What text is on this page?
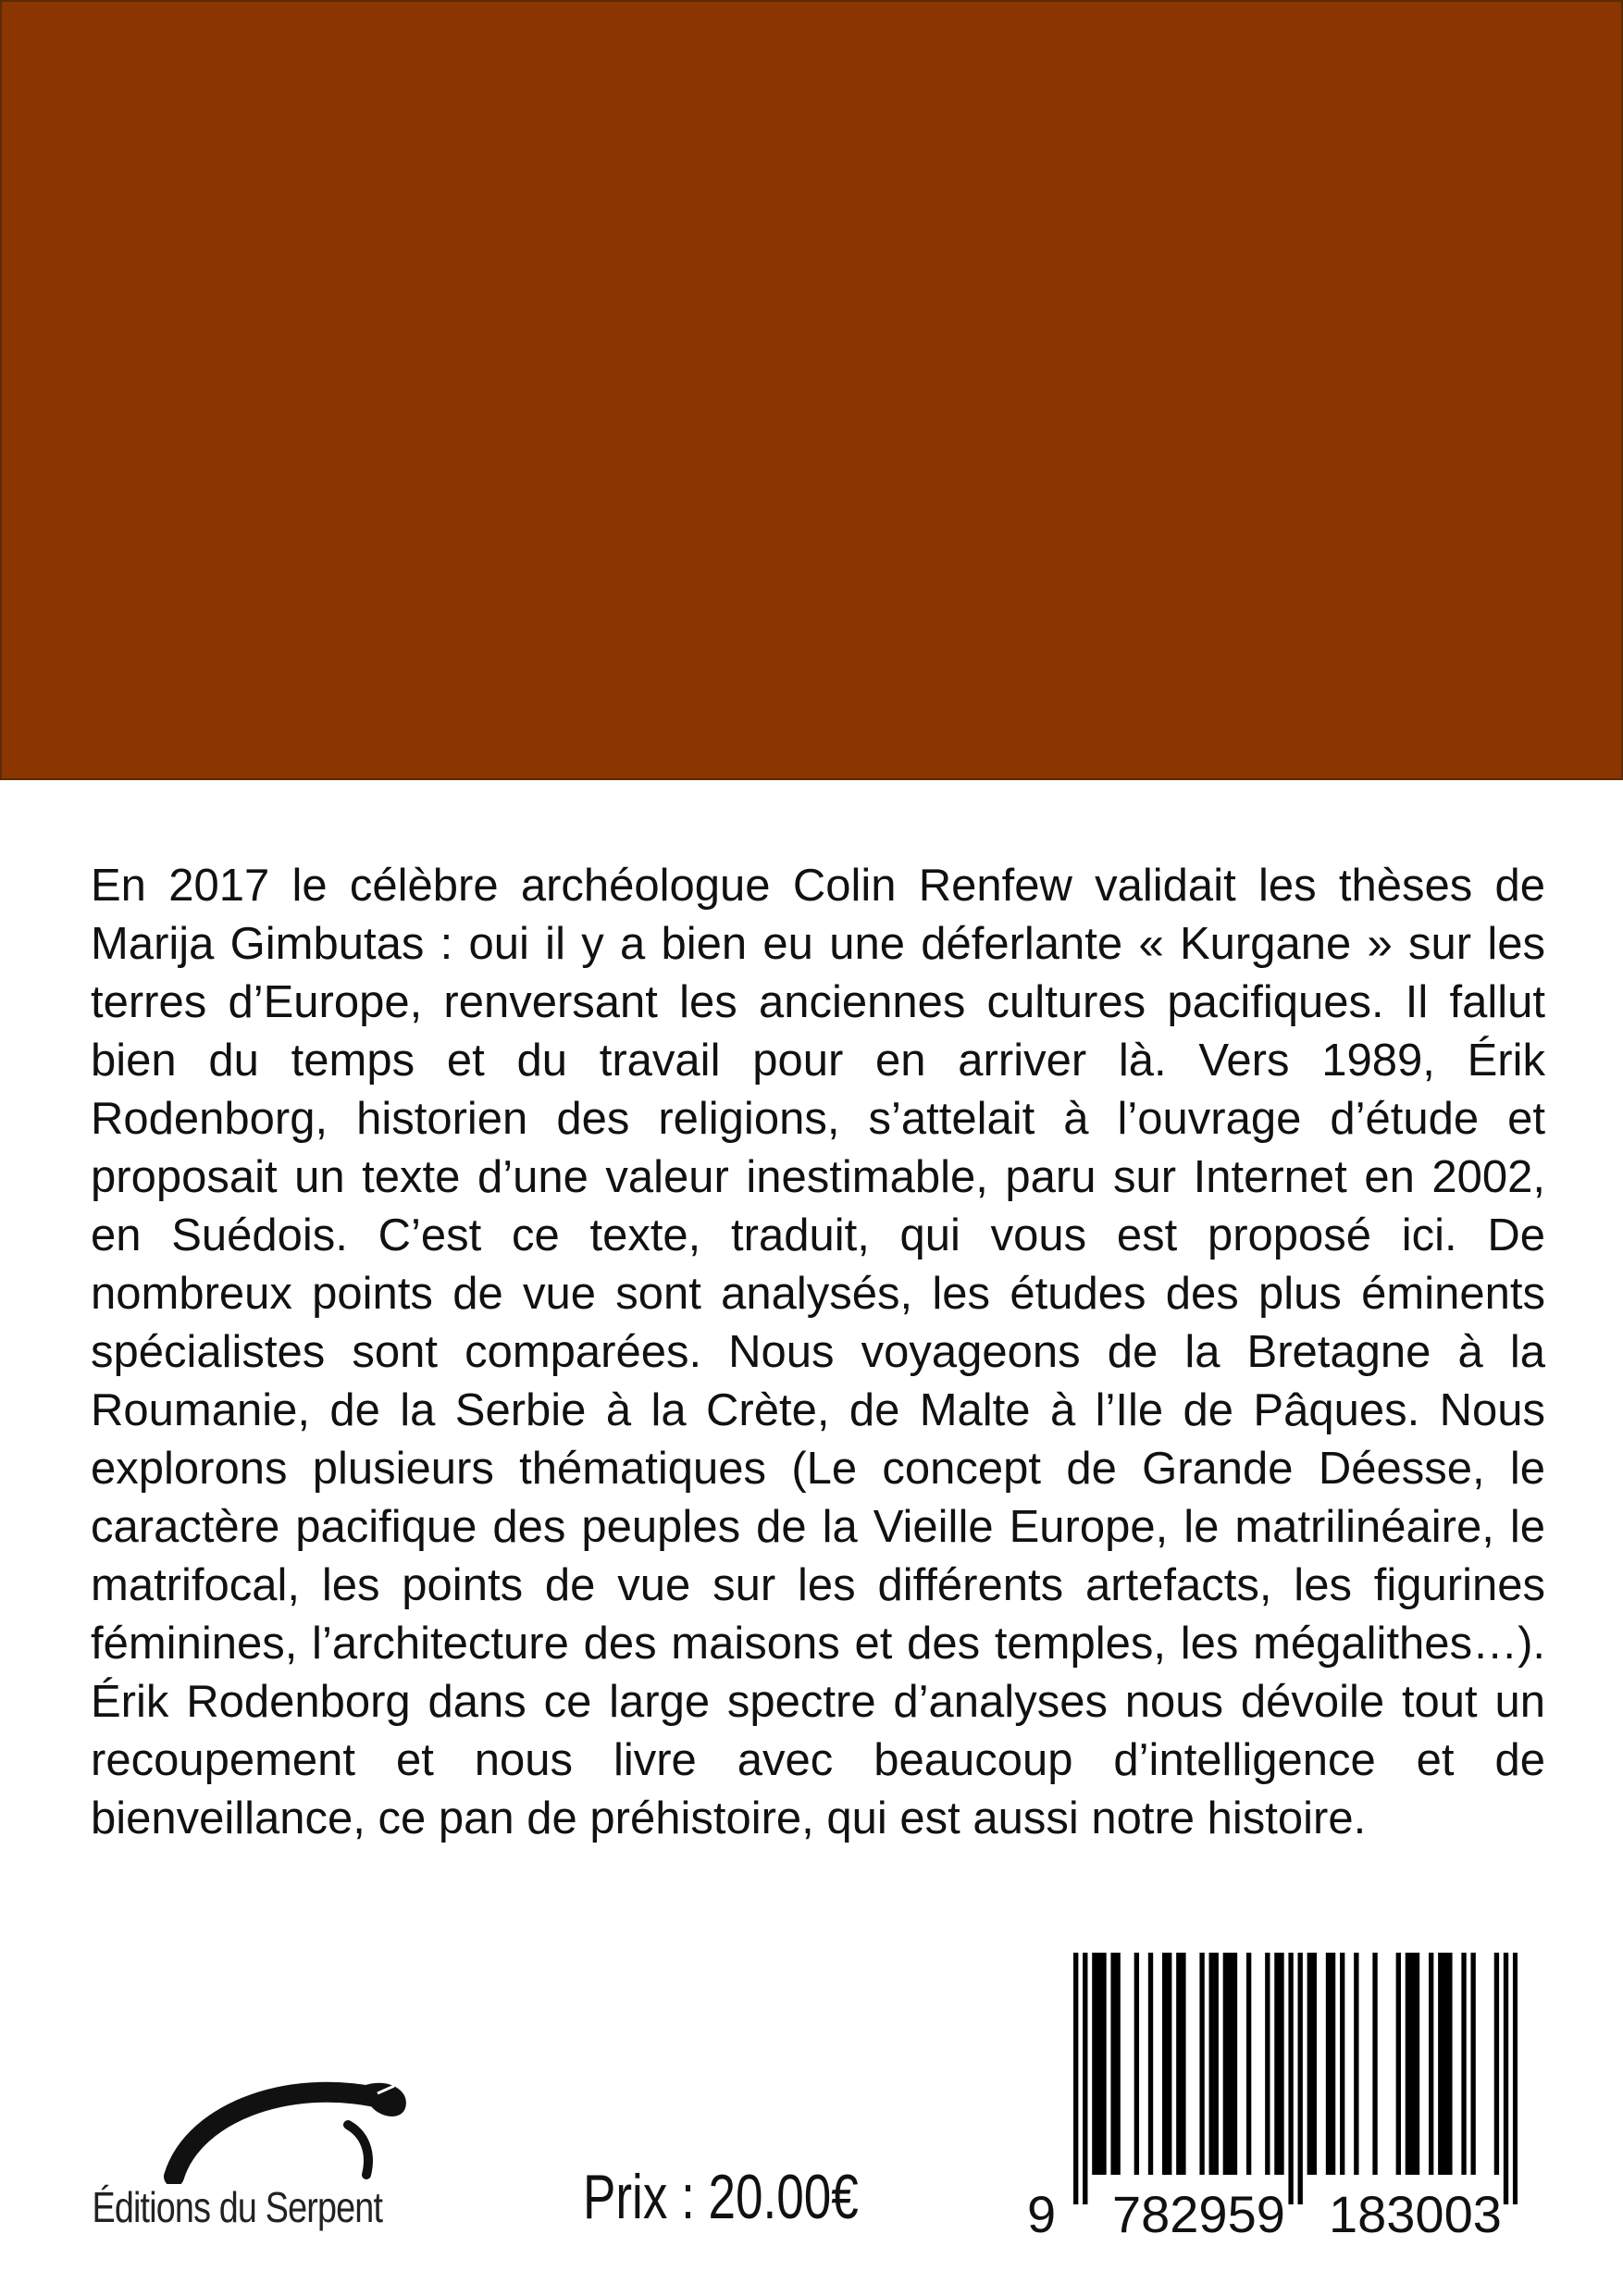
En 2017 le célèbre archéologue Colin Renfew validait les thèses de Marija Gimbutas : oui il y a bien eu une déferlante « Kurgane » sur les terres d’Europe, renversant les anciennes cultures pacifiques. Il fallut bien du temps et du travail pour en arriver là. Vers 1989, Érik Rodenborg, historien des religions, s’attelait à l’ouvrage d’étude et proposait un texte d’une valeur inestimable, paru sur Internet en 2002, en Suédois. C’est ce texte, traduit, qui vous est proposé ici. De nombreux points de vue sont analysés, les études des plus éminents spécialistes sont comparées. Nous voyageons de la Bretagne à la Roumanie, de la Serbie à la Crète, de Malte à l’Ile de Pâques. Nous explorons plusieurs thématiques (Le concept de Grande Déesse, le caractère pacifique des peuples de la Vieille Europe, le matrilinéaire, le matrifocal, les points de vue sur les différents artefacts, les figurines féminines, l’architecture des maisons et des temples, les mégalithes…). Érik Rodenborg dans ce large spectre d’analyses nous dévoile tout un recoupement et nous livre avec beaucoup d’intelligence et de bienveillance, ce pan de préhistoire, qui est aussi notre histoire.

Éditions du Serpent	Prix : 20.00€	9 782959 183003
